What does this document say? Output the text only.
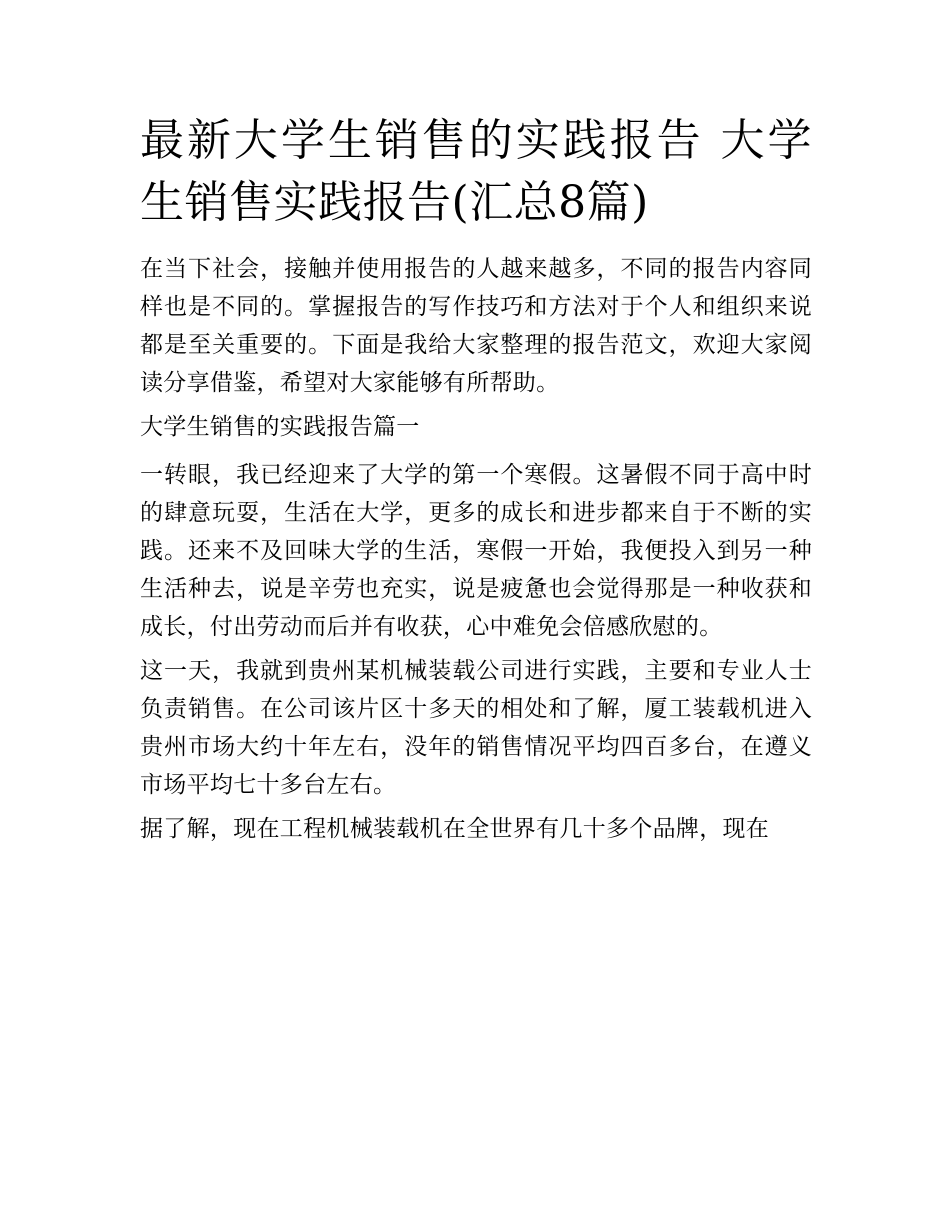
最新大学生销售的实践报告 大学生销售实践报告(汇总8篇)

在当下社会，接触并使用报告的人越来越多，不同的报告内容同样也是不同的。掌握报告的写作技巧和方法对于个人和组织来说都是至关重要的。下面是我给大家整理的报告范文，欢迎大家阅读分享借鉴，希望对大家能够有所帮助。

大学生销售的实践报告篇一

一转眼，我已经迎来了大学的第一个寒假。这暑假不同于高中时的肆意玩耍，生活在大学，更多的成长和进步都来自于不断的实践。还来不及回味大学的生活，寒假一开始，我便投入到另一种生活种去，说是辛劳也充实，说是疲惫也会觉得那是一种收获和成长，付出劳动而后并有收获，心中难免会倍感欣慰的。

这一天，我就到贵州某机械装载公司进行实践，主要和专业人士负责销售。在公司该片区十多天的相处和了解，厦工装载机进入贵州市场大约十年左右，没年的销售情况平均四百多台，在遵义市场平均七十多台左右。

据了解，现在工程机械装载机在全世界有几十多个品牌，现在
